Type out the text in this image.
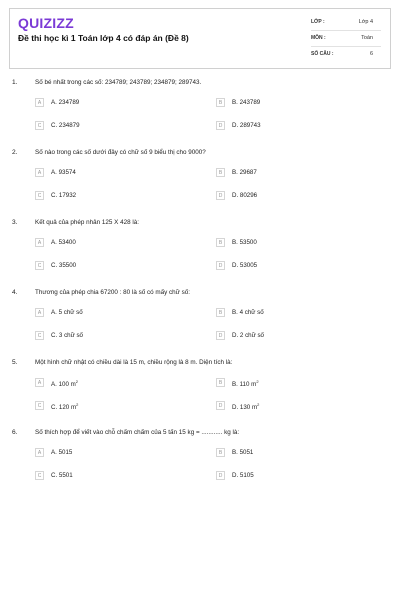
QUIZIZZ
Đề thi học kì 1 Toán lớp 4 có đáp án (Đề 8)
LỚP :	Lớp 4
MÔN :	Toán
SỐ CÂU :	6
1.	Số bé nhất trong các số: 234789; 243789; 234879; 289743.
A	A. 234789	B	B. 243789
C	C. 234879	D	D. 289743
2.	Số nào trong các số dưới đây có chữ số 9 biểu thị cho 9000?
A	A. 93574	B	B. 29687
C	C. 17932	D	D. 80296
3.	Kết quả của phép nhân 125 X 428 là:
A	A. 53400	B	B. 53500
C	C. 35500	D	D. 53005
4.	Thương của phép chia 67200 : 80 là số có mấy chữ số:
A	A. 5 chữ số	B	B. 4 chữ số
C	C. 3 chữ số	D	D. 2 chữ số
5.	Một hình chữ nhật có chiều dài là 15 m, chiều rộng là 8 m. Diện tích là:
A	A. 100 $m^2$	B	B. 110 $m^2$
C	C. 120 $m^2$	D	D. 130 $m^2$
6.	Số thích hợp để viết vào chỗ chấm chấm của 5 tấn 15 kg = ............ kg là:
A	A. 5015	B	B. 5051
C	C. 5501	D	D. 5105
